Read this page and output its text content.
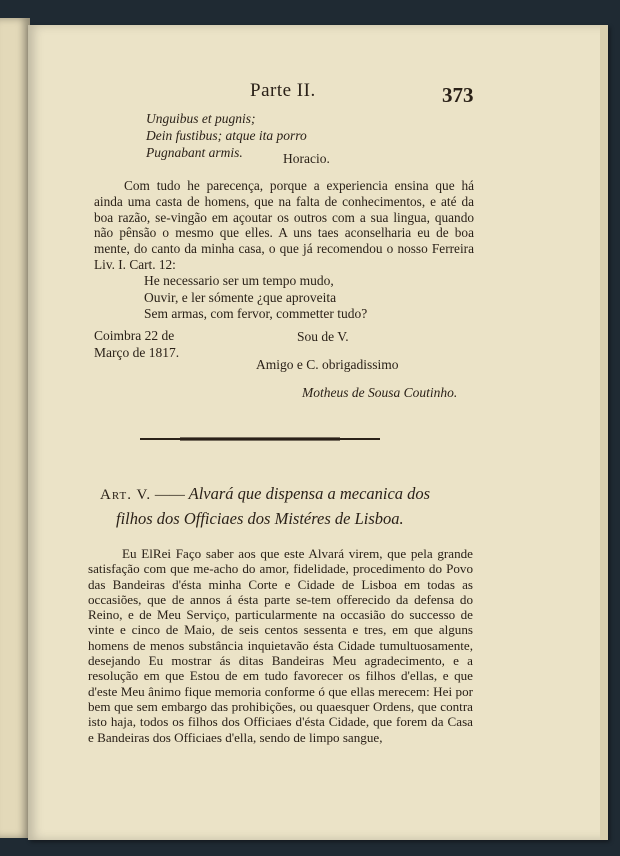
Parte II.	373
Unguibus et pugnis;
Dein fustibus; atque ita porro
Pugnabant armis.	Horacio.

Com tudo he parecença, porque a experiencia ensina que há ainda uma casta de homens, que na falta de conhecimentos, e até da boa razão, se-vingão em açoutar os outros com a sua lingua, quando não pênsão o mesmo que elles. A uns taes aconselharia eu de boa mente, do canto da minha casa, o que já recomendou o nosso Ferreira Liv. I. Cart. 12:

He necessario ser um tempo mudo,
Ouvir, e ler sómente ¿que aproveita
Sem armas, com fervor, commetter tudo?
Coimbra 22 de
Março de 1817.
Sou de V.
Amigo e C. obrigadissimo
Motheus de Sousa Coutinho.
Art. V. —— Alvará que dispensa a mecanica dos
filhos dos Officiaes dos Mistéres de Lisboa.

Eu ElRei Faço saber aos que este Alvará virem, que pela grande satisfação com que me-acho do amor, fidelidade, procedimento do Povo das Bandeiras d'ésta minha Corte e Cidade de Lisboa em todas as occasiões, que de annos á ésta parte se-tem offerecido da defensa do Reino, e de Meu Serviço, particularmente na occasião do successo de vinte e cinco de Maio, de seis centos sessenta e tres, em que alguns homens de menos substância inquietavão ésta Cidade tumultuosamente, desejando Eu mostrar ás ditas Bandeiras Meu agradecimento, e a resolução em que Estou de em tudo favorecer os filhos d'ellas, e que d'este Meu ânimo fique memoria conforme ó que ellas merecem: Hei por bem que sem embargo das prohibições, ou quaesquer Ordens, que contra isto haja, todos os filhos dos Officiaes d'ésta Cidade, que forem da Casa e Bandeiras dos Officiaes d'ella, sendo de limpo sangue,
